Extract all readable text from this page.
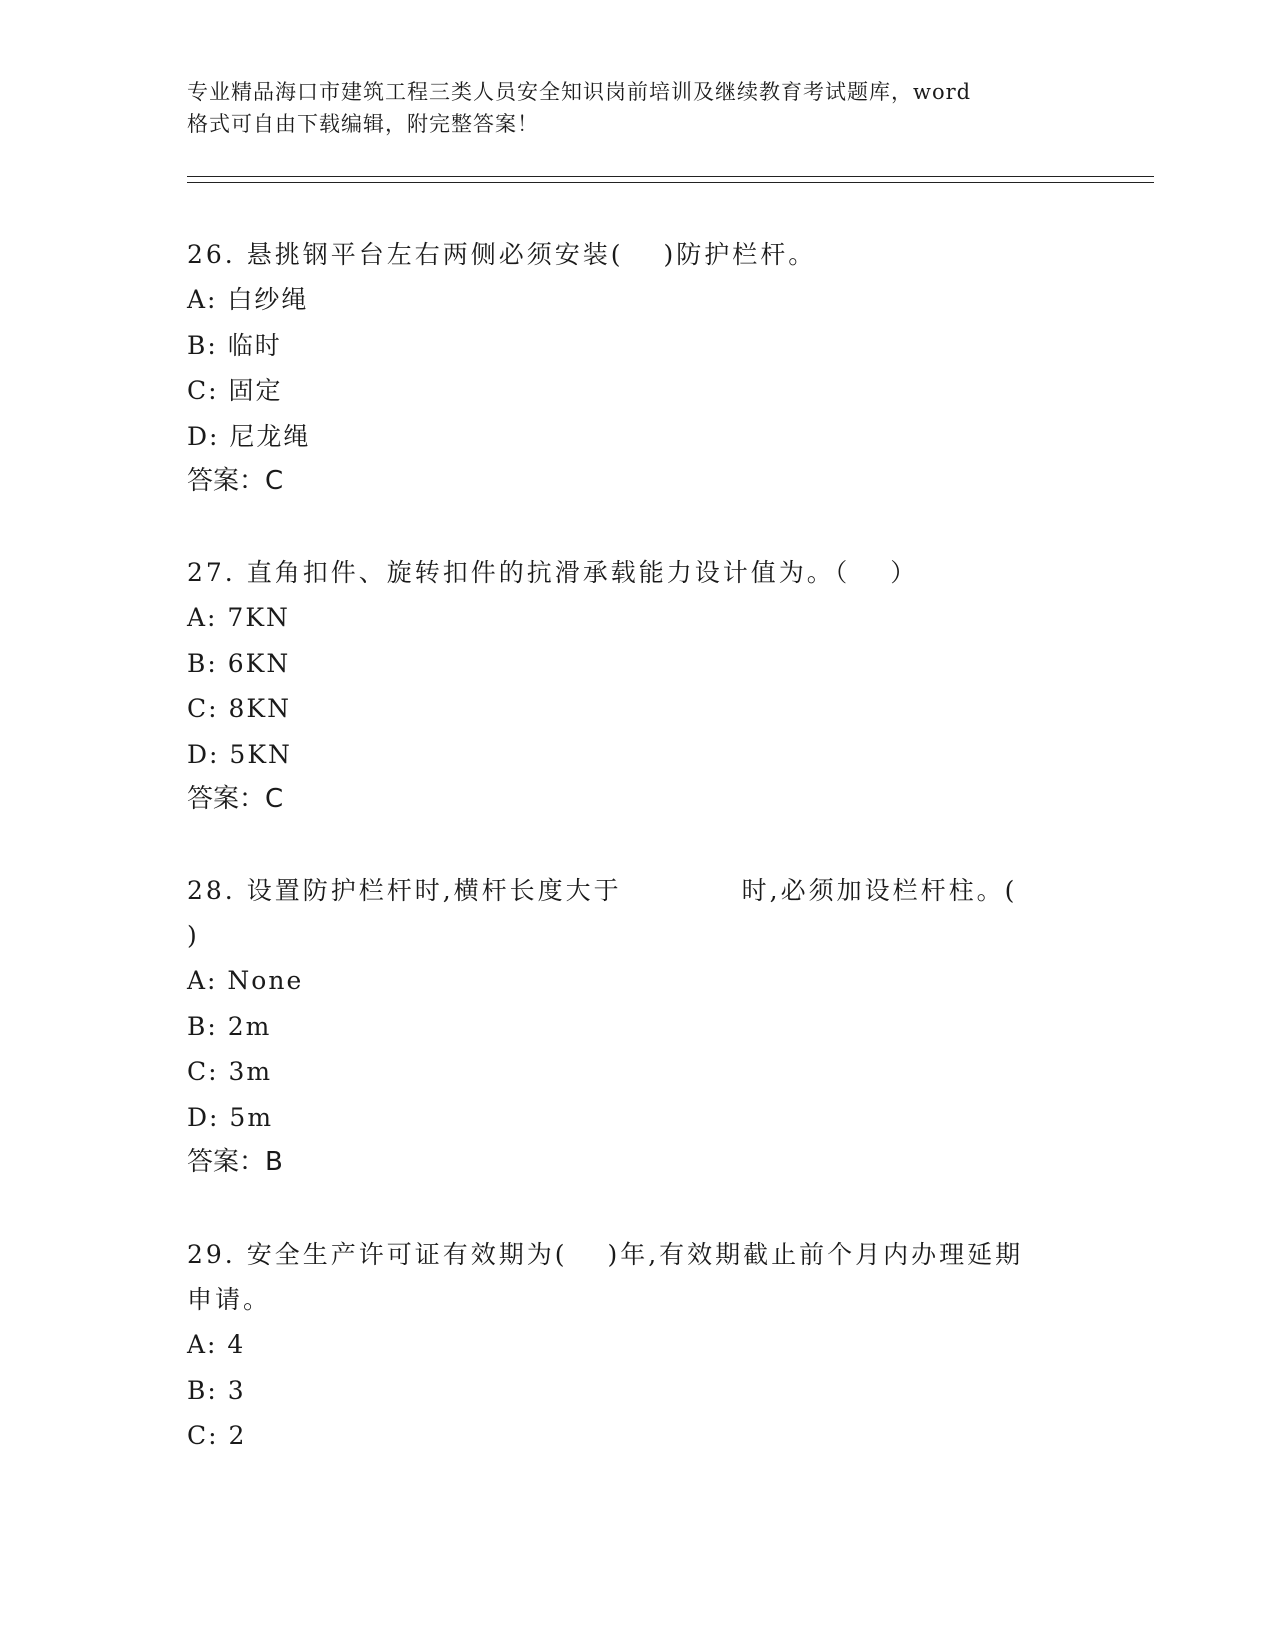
专业精品海口市建筑工程三类人员安全知识岗前培训及继续教育考试题库，word
格式可自由下载编辑，附完整答案！

26. 悬挑钢平台左右两侧必须安装( )防护栏杆。

A: 白纱绳

B: 临时

C: 固定

D: 尼龙绳

答案：C

27. 直角扣件、旋转扣件的抗滑承载能力设计值为。（ ）

A: 7KN

B: 6KN

C: 8KN

D: 5KN

答案：C

28. 设置防护栏杆时,横杆长度大于	时,必须加设栏杆柱。(

)

A: None

B: 2m

C: 3m

D: 5m

答案：B

29. 安全生产许可证有效期为( )年,有效期截止前个月内办理延期

申请。

A: 4

B: 3

C: 2
